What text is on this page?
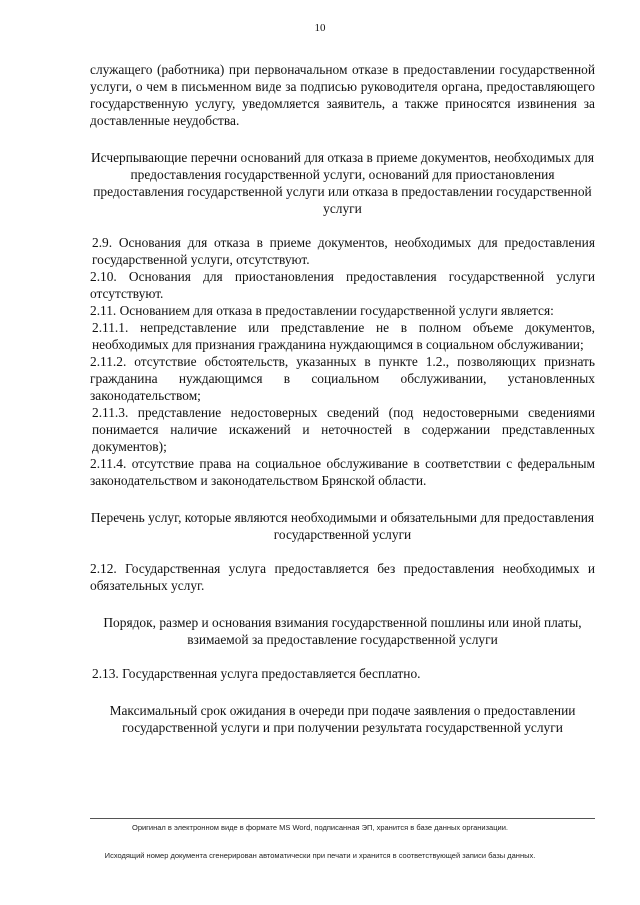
10

служащего (работника) при первоначальном отказе в предоставлении государственной услуги, о чем в письменном виде за подписью руководителя органа, предоставляющего государственную услугу, уведомляется заявитель, а также приносятся извинения за доставленные неудобства.

Исчерпывающие перечни оснований для отказа в приеме документов, необходимых для предоставления государственной услуги, оснований для приостановления предоставления государственной услуги или отказа в предоставлении государственной услуги

2.9. Основания для отказа в приеме документов, необходимых для предоставления государственной услуги, отсутствуют.

2.10. Основания для приостановления предоставления государственной услуги отсутствуют.

2.11. Основанием для отказа в предоставлении государственной услуги является:

2.11.1. непредставление или представление не в полном объеме документов, необходимых для признания гражданина нуждающимся в социальном обслуживании;

2.11.2. отсутствие обстоятельств, указанных в пункте 1.2., позволяющих признать гражданина нуждающимся в социальном обслуживании, установленных законодательством;

2.11.3. представление недостоверных сведений (под недостоверными сведениями понимается наличие искажений и неточностей в содержании представленных документов);

2.11.4. отсутствие права на социальное обслуживание в соответствии с федеральным законодательством и законодательством Брянской области.

Перечень услуг, которые являются необходимыми и обязательными для предоставления государственной услуги

2.12. Государственная услуга предоставляется без предоставления необходимых и обязательных услуг.

Порядок, размер и основания взимания государственной пошлины или иной платы, взимаемой за предоставление государственной услуги

2.13. Государственная услуга предоставляется бесплатно.

Максимальный срок ожидания в очереди при подаче заявления о предоставлении государственной услуги и при получении результата государственной услуги

Оригинал в электронном виде в формате MS Word, подписанная ЭП, хранится в базе данных организации.
Исходящий номер документа сгенерирован автоматически при печати и хранится в соответствующей записи базы данных.
